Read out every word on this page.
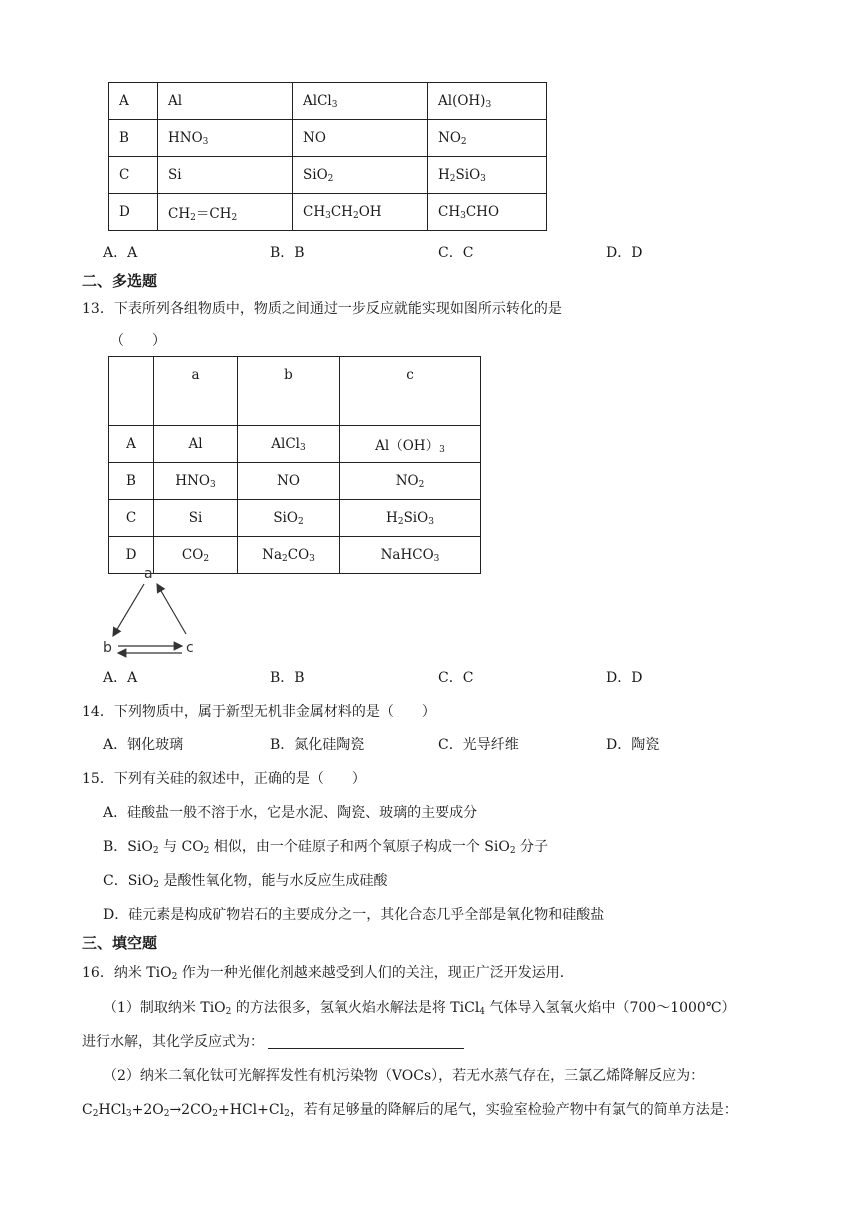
A	Al	AlCl$_3$	$Al(OH)_3$
B	$HNO_3$	NO	$NO_2$
C	Si	SiO$_2$	$H_2SiO_3$
D	$CH_2=CH_2$	$CH_3CH_2OH$	$CH_3CHO$
A．A	B．B	C．C	D．D
二、多选题
13．下表所列各组物质中，物质之间通过一步反应就能实现如图所示转化的是
（　　）
	a	b	c
A	Al	AlCl$_3$	$Al(OH)_3$
B	$HNO_3$	NO	$NO_2$
C	Si	SiO$_2$	$H_2SiO_3$
D	$CO_2$	$Na_2CO_3$	NaHCO$_3$
a
b	c
A．A	B．B	C．C	D．D
14．下列物质中，属于新型无机非金属材料的是（　　）
A．钢化玻璃	B．氮化硅陶瓷	C．光导纤维	D．陶瓷
15．下列有关硅的叙述中，正确的是（　　）
A．硅酸盐一般不溶于水，它是水泥、陶瓷、玻璃的主要成分
B．SiO$_2$ 与 $CO_2$ 相似，由一个硅原子和两个氧原子构成一个 SiO$_2$ 分子
C．SiO$_2$ 是酸性氧化物，能与水反应生成硅酸
D．硅元素是构成矿物岩石的主要成分之一，其化合态几乎全部是氧化物和硅酸盐
三、填空题
16．纳米 TiO$_2$ 作为一种光催化剂越来越受到人们的关注，现正广泛开发运用．
（1）制取纳米 TiO$_2$ 的方法很多，氢氧火焰水解法是将 TiCl$_4$ 气体导入氢氧火焰中（700～1000℃）
进行水解，其化学反应式为：
（2）纳米二氧化钛可光解挥发性有机污染物（VOCs），若无水蒸气存在，三氯乙烯降解反应为：
$C_2HCl_3+2O_2\to 2CO_2+HCl+Cl_2$，若有足够量的降解后的尾气，实验室检验产物中有氯气的简单方法是：
